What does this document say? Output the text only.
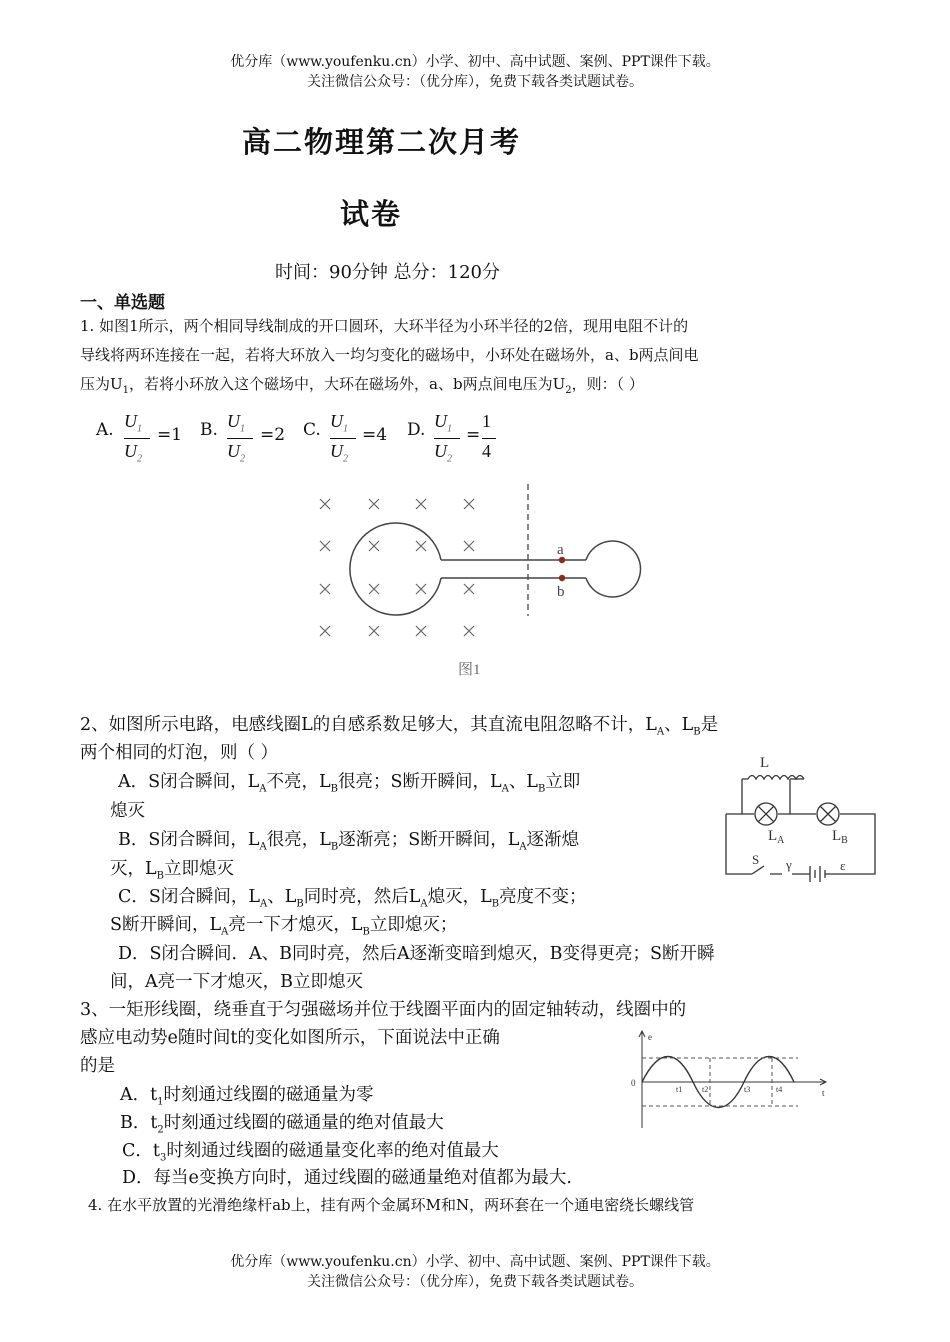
优分库（www.youfenku.cn）小学、初中、高中试题、案例、PPT课件下载。
关注微信公众号：（优分库），免费下载各类试题试卷。
高二物理第二次月考
试卷
时间：90分钟 总分：120分
一、单选题
1. 如图1所示，两个相同导线制成的开口圆环，大环半径为小环半径的2倍，现用电阻不计的
导线将两环连接在一起，若将大环放入一均匀变化的磁场中，小环处在磁场外，a、b两点间电
压为$U_1$，若将小环放入这个磁场中，大环在磁场外，a、b两点间电压为$U_2$，则：（ ）
A. $U_1$
$U_2$
=1 B. $U_1$
$U_2$
=2 C. $U_1$
$U_2$
=4 D. $U_1$
$U_2$
=
1
4
a
b
图1
2、如图所示电路，电感线圈L的自感系数足够大，其直流电阻忽略不计，$L_A$、$L_B$是
两个相同的灯泡，则（ ）
A．S闭合瞬间，$L_A$不亮，$L_B$很亮；S断开瞬间，$L_A$、$L_B$立即
熄灭
B．S闭合瞬间，$L_A$很亮，$L_B$逐渐亮；S断开瞬间，$L_A$逐渐熄
灭，$L_B$立即熄灭
C．S闭合瞬间，$L_A$、$L_B$同时亮，然后$L_A$熄灭，$L_B$亮度不变；
S断开瞬间，$L_A$亮一下才熄灭，$L_B$立即熄灭；
D．S闭合瞬间．A、B同时亮，然后A逐渐变暗到熄灭，B变得更亮；S断开瞬
间，A亮一下才熄灭，B立即熄灭
L
$L_A$	$L_B$
S γ	ε
3、一矩形线圈，绕垂直于匀强磁场并位于线圈平面内的固定轴转动，线圈中的
感应电动势e随时间t的变化如图所示，下面说法中正确
的是
A．$t_1$时刻通过线圈的磁通量为零
B．$t_2$时刻通过线圈的磁通量的绝对值最大
C．$t_3$时刻通过线圈的磁通量变化率的绝对值最大
D．每当e变换方向时，通过线圈的磁通量绝对值都为最大.
e
0
t
t1 t2	t3	t4
4. 在水平放置的光滑绝缘杆ab上，挂有两个金属环M和N，两环套在一个通电密绕长螺线管
优分库（www.youfenku.cn）小学、初中、高中试题、案例、PPT课件下载。
关注微信公众号：（优分库），免费下载各类试题试卷。
